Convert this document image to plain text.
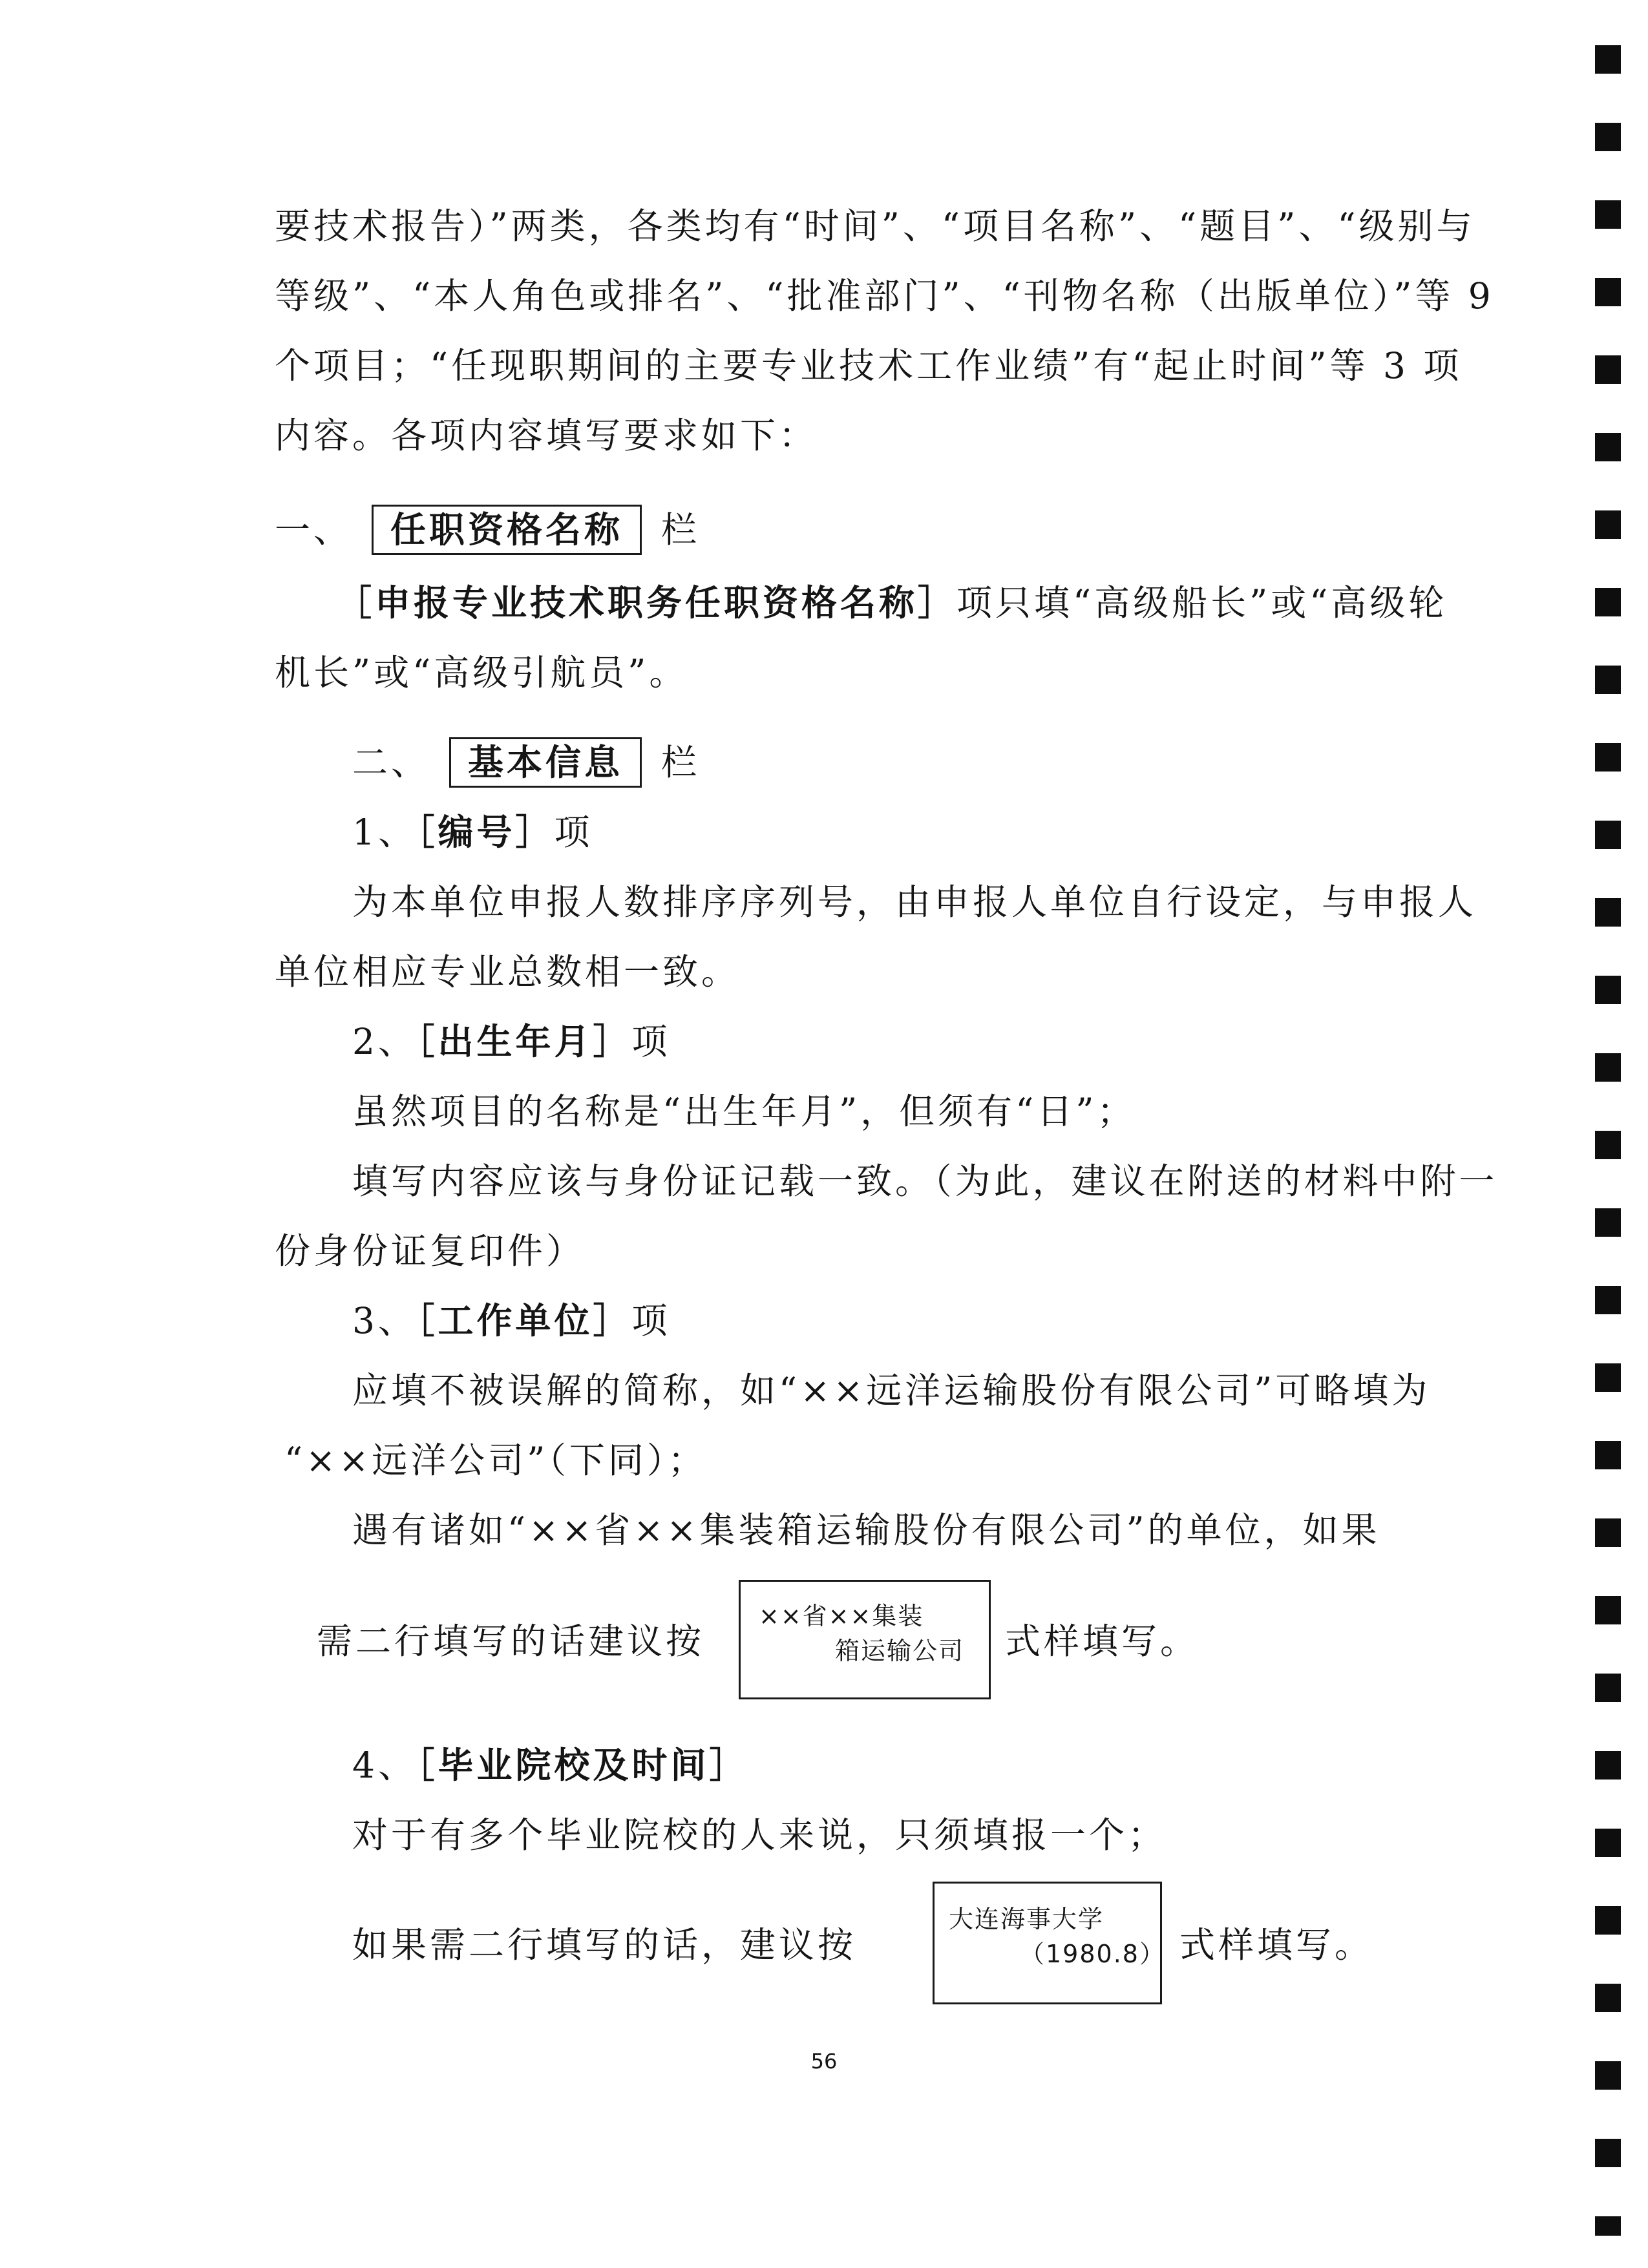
要技术报告）”两类，各类均有“时间”、“项目名称”、“题目”、“级别与
等级”、“本人角色或排名”、“批准部门”、“刊物名称（出版单位）”等 9
个项目；“任现职期间的主要专业技术工作业绩”有“起止时间”等 3 项
内容。各项内容填写要求如下：
一、 任职资格名称 栏
［申报专业技术职务任职资格名称］项只填“高级船长”或“高级轮
机长”或“高级引航员”。
二、 基本信息 栏
1、［编号］项
为本单位申报人数排序序列号，由申报人单位自行设定，与申报人
单位相应专业总数相一致。
2、［出生年月］项
虽然项目的名称是“出生年月”，但须有“日”；
填写内容应该与身份证记载一致。（为此，建议在附送的材料中附一
份身份证复印件）
3、［工作单位］项
应填不被误解的简称，如“××远洋运输股份有限公司”可略填为
“××远洋公司”（下同）；
遇有诸如“××省××集装箱运输股份有限公司”的单位，如果
需二行填写的话建议按
××省××集装
箱运输公司	式样填写。
4、［毕业院校及时间］
对于有多个毕业院校的人来说，只须填报一个；
如果需二行填写的话，建议按
大连海事大学
（1980.8） 式样填写。
56
